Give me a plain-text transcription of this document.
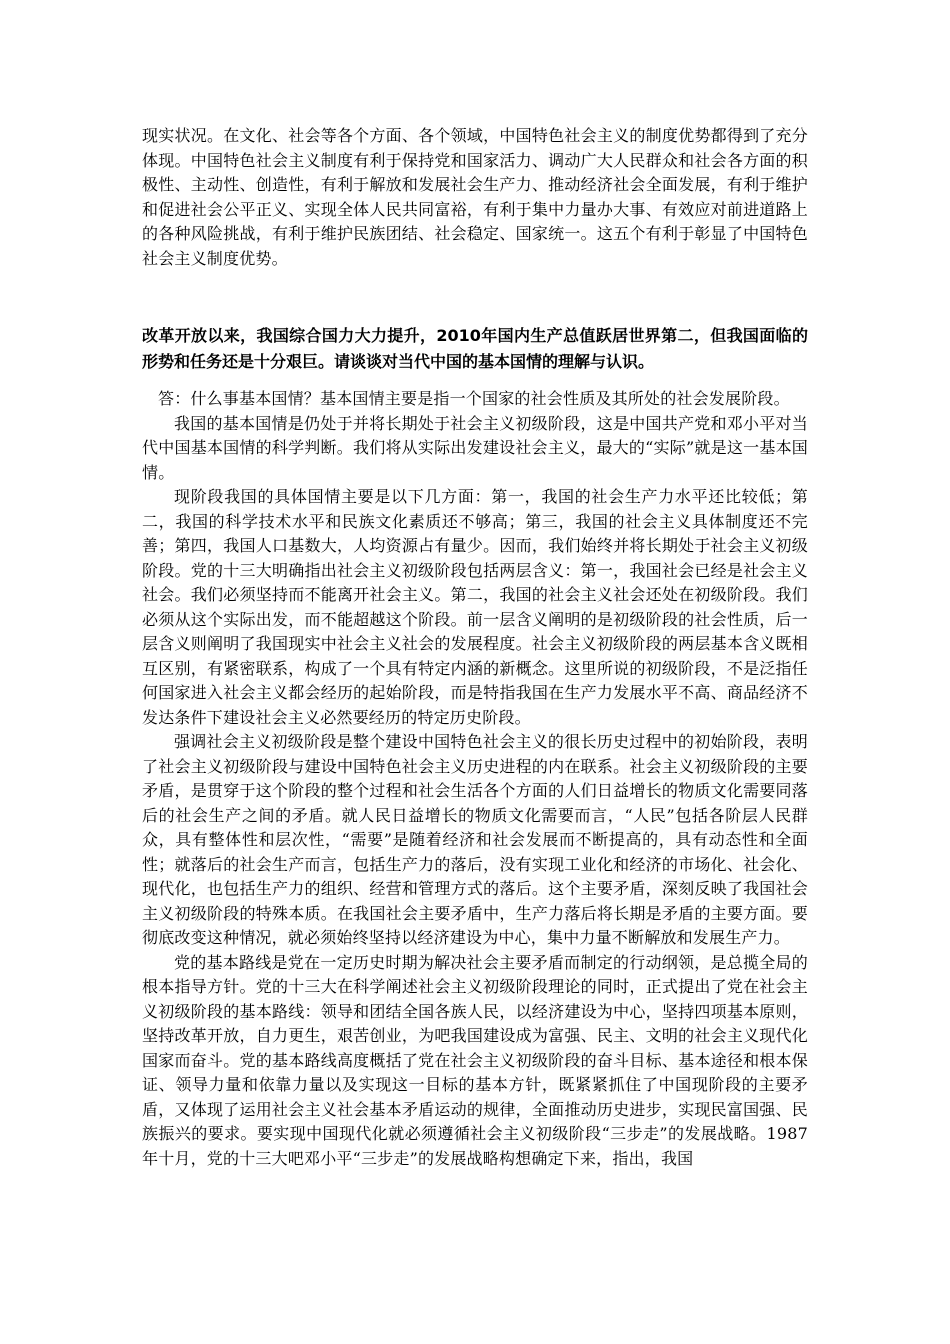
现实状况。在文化、社会等各个方面、各个领域，中国特色社会主义的制度优势都得到了充分体现。中国特色社会主义制度有利于保持党和国家活力、调动广大人民群众和社会各方面的积极性、主动性、创造性，有利于解放和发展社会生产力、推动经济社会全面发展，有利于维护和促进社会公平正义、实现全体人民共同富裕，有利于集中力量办大事、有效应对前进道路上的各种风险挑战，有利于维护民族团结、社会稳定、国家统一。这五个有利于彰显了中国特色社会主义制度优势。

改革开放以来，我国综合国力大力提升，2010年国内生产总值跃居世界第二，但我国面临的形势和任务还是十分艰巨。请谈谈对当代中国的基本国情的理解与认识。

答：什么事基本国情？基本国情主要是指一个国家的社会性质及其所处的社会发展阶段。

我国的基本国情是仍处于并将长期处于社会主义初级阶段，这是中国共产党和邓小平对当代中国基本国情的科学判断。我们将从实际出发建设社会主义，最大的“实际”就是这一基本国情。

现阶段我国的具体国情主要是以下几方面：第一，我国的社会生产力水平还比较低；第二，我国的科学技术水平和民族文化素质还不够高；第三，我国的社会主义具体制度还不完善；第四，我国人口基数大，人均资源占有量少。因而，我们始终并将长期处于社会主义初级阶段。党的十三大明确指出社会主义初级阶段包括两层含义：第一，我国社会已经是社会主义社会。我们必须坚持而不能离开社会主义。第二，我国的社会主义社会还处在初级阶段。我们必须从这个实际出发，而不能超越这个阶段。前一层含义阐明的是初级阶段的社会性质，后一层含义则阐明了我国现实中社会主义社会的发展程度。社会主义初级阶段的两层基本含义既相互区别，有紧密联系，构成了一个具有特定内涵的新概念。这里所说的初级阶段，不是泛指任何国家进入社会主义都会经历的起始阶段，而是特指我国在生产力发展水平不高、商品经济不发达条件下建设社会主义必然要经历的特定历史阶段。

强调社会主义初级阶段是整个建设中国特色社会主义的很长历史过程中的初始阶段，表明了社会主义初级阶段与建设中国特色社会主义历史进程的内在联系。社会主义初级阶段的主要矛盾，是贯穿于这个阶段的整个过程和社会生活各个方面的人们日益增长的物质文化需要同落后的社会生产之间的矛盾。就人民日益增长的物质文化需要而言，“人民”包括各阶层人民群众，具有整体性和层次性，“需要”是随着经济和社会发展而不断提高的，具有动态性和全面性；就落后的社会生产而言，包括生产力的落后，没有实现工业化和经济的市场化、社会化、现代化，也包括生产力的组织、经营和管理方式的落后。这个主要矛盾，深刻反映了我国社会主义初级阶段的特殊本质。在我国社会主要矛盾中，生产力落后将长期是矛盾的主要方面。要彻底改变这种情况，就必须始终坚持以经济建设为中心，集中力量不断解放和发展生产力。

党的基本路线是党在一定历史时期为解决社会主要矛盾而制定的行动纲领，是总揽全局的根本指导方针。党的十三大在科学阐述社会主义初级阶段理论的同时，正式提出了党在社会主义初级阶段的基本路线：领导和团结全国各族人民，以经济建设为中心，坚持四项基本原则，坚持改革开放，自力更生，艰苦创业，为吧我国建设成为富强、民主、文明的社会主义现代化国家而奋斗。党的基本路线高度概括了党在社会主义初级阶段的奋斗目标、基本途径和根本保证、领导力量和依靠力量以及实现这一目标的基本方针，既紧紧抓住了中国现阶段的主要矛盾，又体现了运用社会主义社会基本矛盾运动的规律，全面推动历史进步，实现民富国强、民族振兴的要求。要实现中国现代化就必须遵循社会主义初级阶段“三步走”的发展战略。1987年十月，党的十三大吧邓小平“三步走”的发展战略构想确定下来，指出，我国
